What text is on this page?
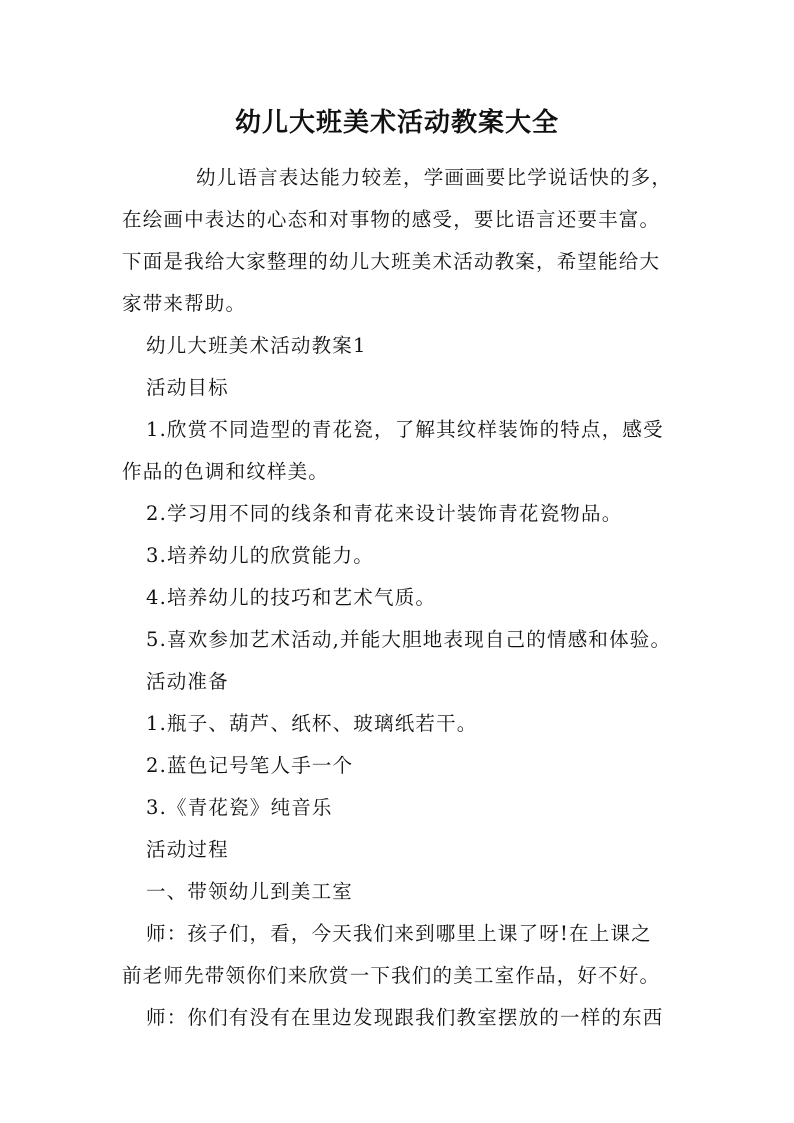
幼儿大班美术活动教案大全
幼儿语言表达能力较差，学画画要比学说话快的多，
在绘画中表达的心态和对事物的感受，要比语言还要丰富。
下面是我给大家整理的幼儿大班美术活动教案，希望能给大
家带来帮助。
幼儿大班美术活动教案1
活动目标
1.欣赏不同造型的青花瓷，了解其纹样装饰的特点，感受
作品的色调和纹样美。
2.学习用不同的线条和青花来设计装饰青花瓷物品。
3.培养幼儿的欣赏能力。
4.培养幼儿的技巧和艺术气质。
5.喜欢参加艺术活动,并能大胆地表现自己的情感和体验。
活动准备
1.瓶子、葫芦、纸杯、玻璃纸若干。
2.蓝色记号笔人手一个
3.《青花瓷》纯音乐
活动过程
一、带领幼儿到美工室
师：孩子们，看，今天我们来到哪里上课了呀!在上课之
前老师先带领你们来欣赏一下我们的美工室作品，好不好。
师：你们有没有在里边发现跟我们教室摆放的一样的东西
